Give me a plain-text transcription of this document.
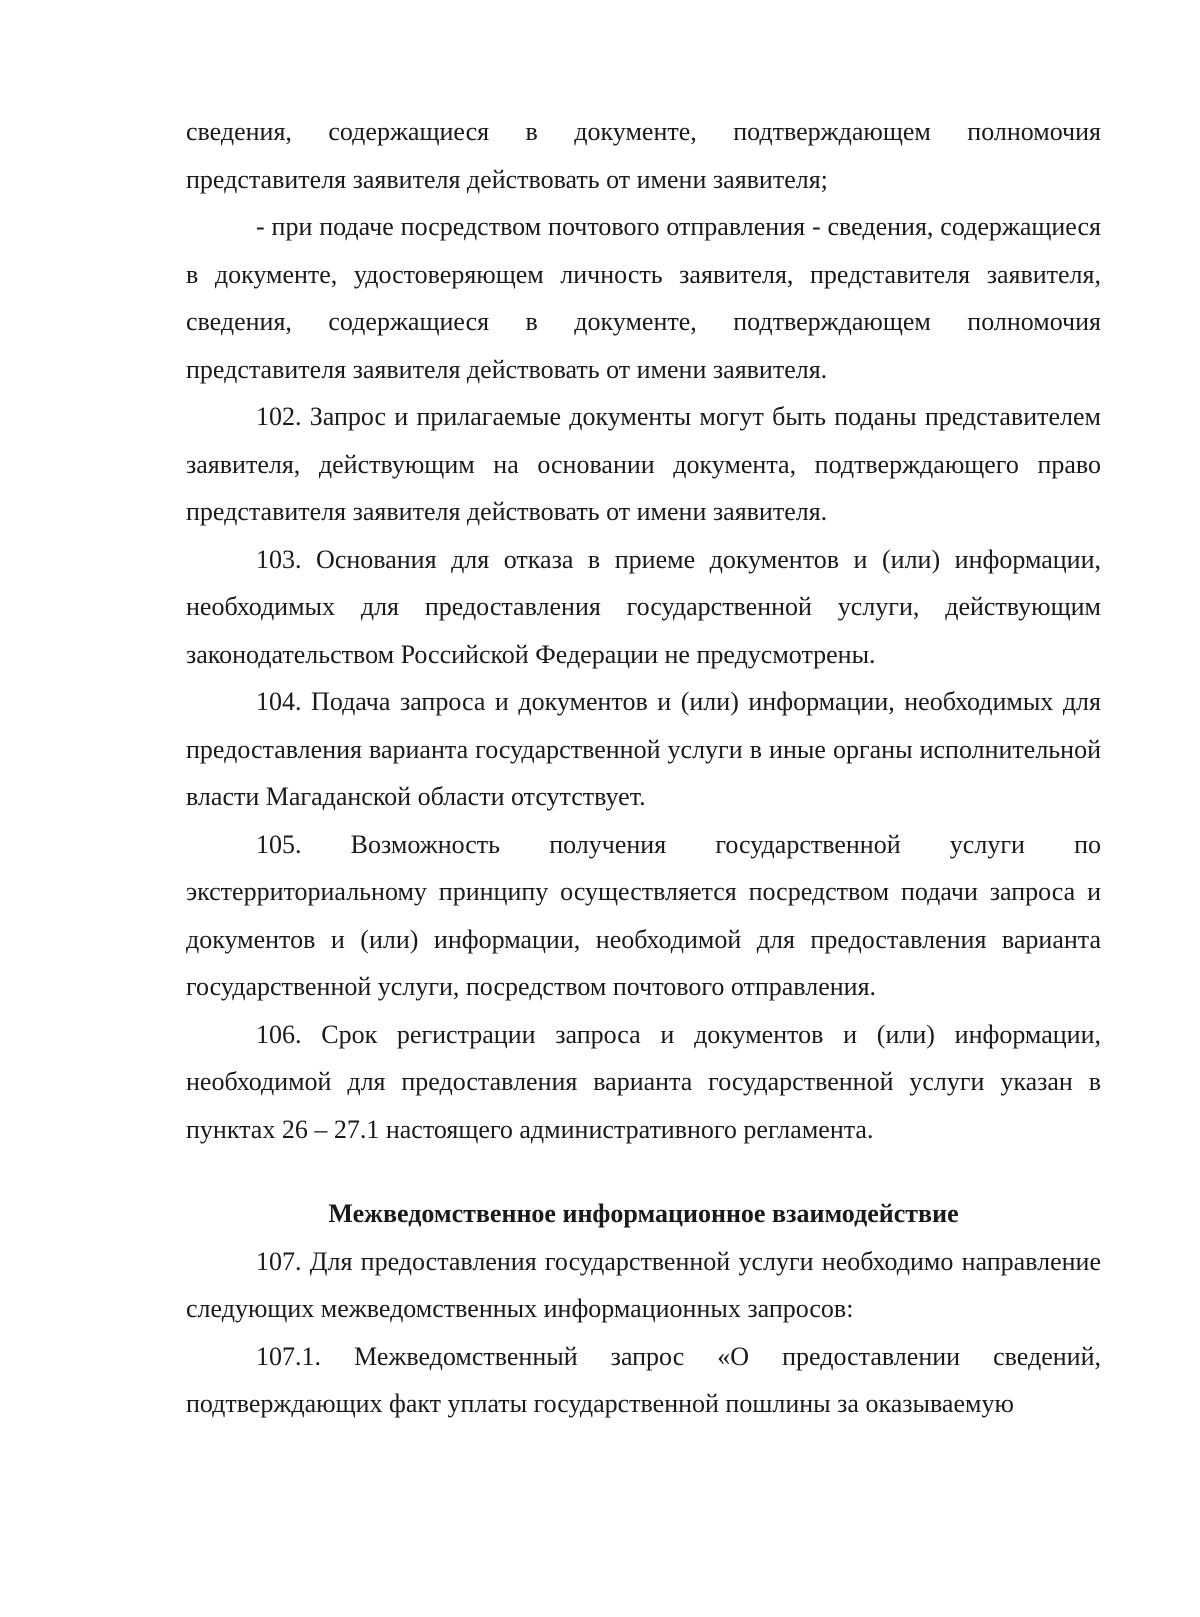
сведения, содержащиеся в документе, подтверждающем полномочия представителя заявителя действовать от имени заявителя;

- при подаче посредством почтового отправления - сведения, содержащиеся в документе, удостоверяющем личность заявителя, представителя заявителя, сведения, содержащиеся в документе, подтверждающем полномочия представителя заявителя действовать от имени заявителя.

102. Запрос и прилагаемые документы могут быть поданы представителем заявителя, действующим на основании документа, подтверждающего право представителя заявителя действовать от имени заявителя.

103. Основания для отказа в приеме документов и (или) информации, необходимых для предоставления государственной услуги, действующим законодательством Российской Федерации не предусмотрены.

104. Подача запроса и документов и (или) информации, необходимых для предоставления варианта государственной услуги в иные органы исполнительной власти Магаданской области отсутствует.

105. Возможность получения государственной услуги по экстерриториальному принципу осуществляется посредством подачи запроса и документов и (или) информации, необходимой для предоставления варианта государственной услуги, посредством почтового отправления.

106. Срок регистрации запроса и документов и (или) информации, необходимой для предоставления варианта государственной услуги указан в пунктах 26 – 27.1 настоящего административного регламента.

Межведомственное информационное взаимодействие

107. Для предоставления государственной услуги необходимо направление следующих межведомственных информационных запросов:

107.1. Межведомственный запрос «О предоставлении сведений, подтверждающих факт уплаты государственной пошлины за оказываемую
